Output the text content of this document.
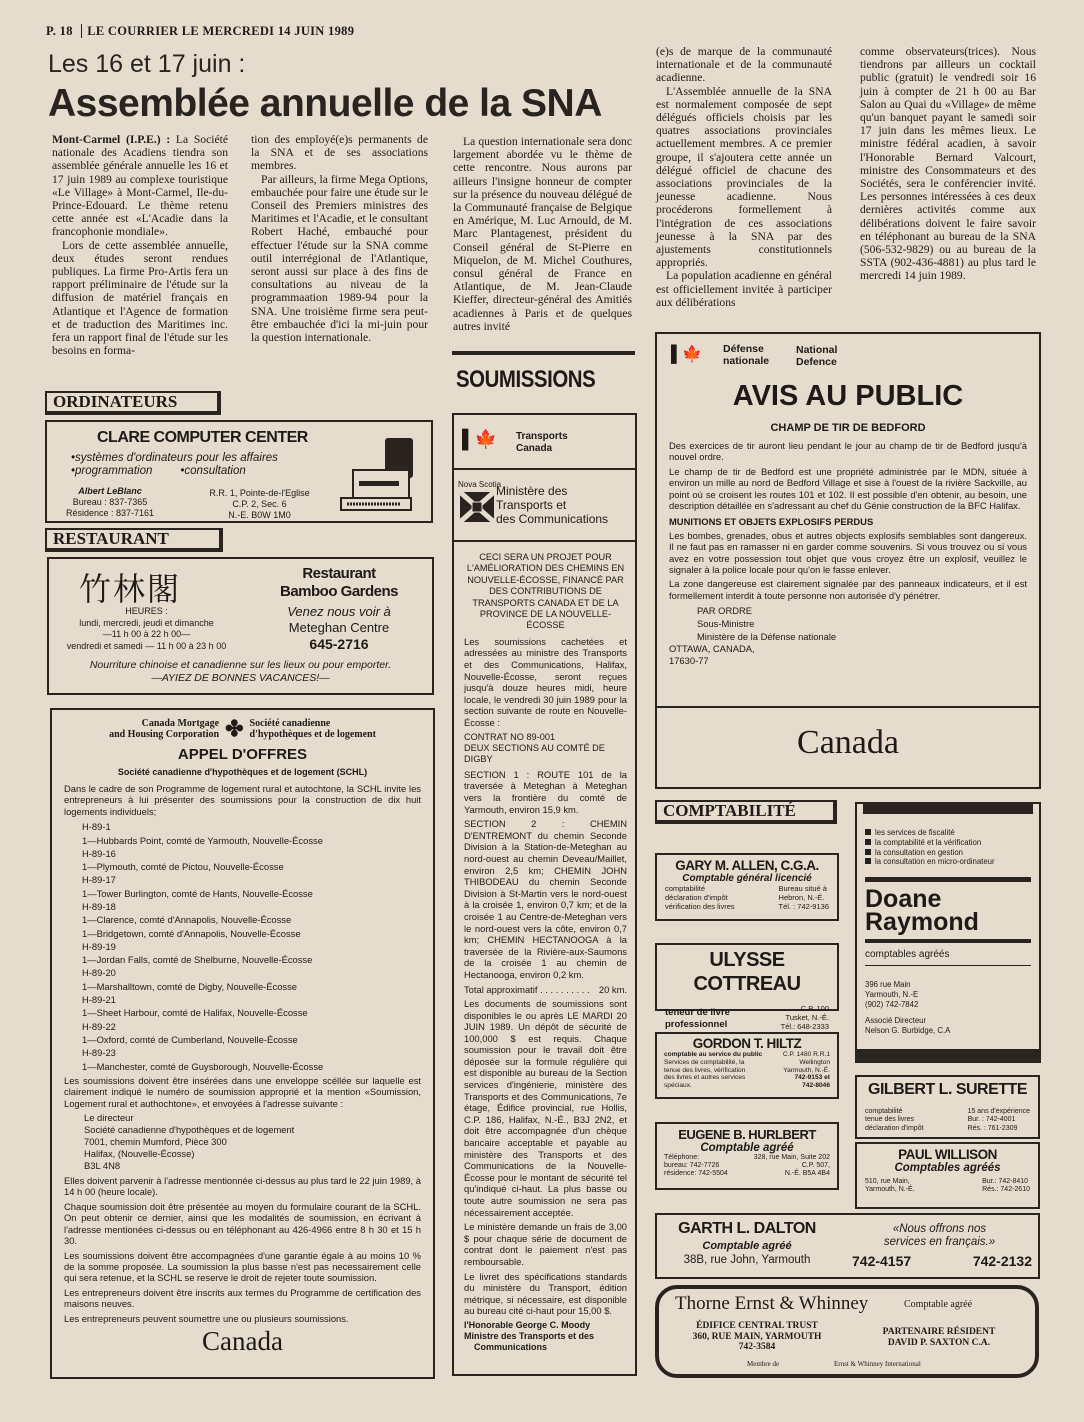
P. 18 LE COURRIER LE MERCREDI 14 JUIN 1989
Les 16 et 17 juin :
Assemblée annuelle de la SNA

Mont-Carmel (I.P.E.) : La Société nationale des Acadiens tiendra son assemblée générale annuelle les 16 et 17 juin 1989 au complexe touristique «Le Village» à Mont-Carmel, Ile-du-Prince-Edouard. Le thème retenu cette année est «L'Acadie dans la francophonie mondiale».

Lors de cette assemblée annuelle, deux études seront rendues publiques. La firme Pro-Artis fera un rapport préliminaire de l'étude sur la diffusion de matériel français en Atlantique et l'Agence de formation et de traduction des Maritimes inc. fera un rapport final de l'étude sur les besoins en forma-

tion des employé(e)s permanents de la SNA et de ses associations membres.

Par ailleurs, la firme Mega Options, embauchée pour faire une étude sur le Conseil des Premiers ministres des Maritimes et l'Acadie, et le consultant Robert Haché, embauché pour effectuer l'étude sur la SNA comme outil interrégional de l'Atlantique, seront aussi sur place à des fins de consultations au niveau de la programmaation 1989-94 pour la SNA. Une troisième firme sera peut-être embauchée d'ici la mi-juin pour la question internationale.

La question internationale sera donc largement abordée vu le thème de cette rencontre. Nous aurons par ailleurs l'insigne honneur de compter sur la présence du nouveau délégué de la Communauté française de Belgique en Amérique, M. Luc Arnould, de M. Marc Plantagenest, président du Conseil général de St-Pierre en Miquelon, de M. Michel Couthures, consul général de France en Atlantique, de M. Jean-Claude Kieffer, directeur-général des Amitiés acadiennes à Paris et de quelques autres invité

(e)s de marque de la communauté internationale et de la communauté acadienne.

L'Assemblée annuelle de la SNA est normalement composée de sept délégués officiels choisis par les quatres associations provinciales actuellement membres. A ce premier groupe, il s'ajoutera cette année un délégué officiel de chacune des associations provinciales de la jeunesse acadienne. Nous procéderons formellement à l'intégration de ces associations jeunesse à la SNA par des ajustements constitutionnels appropriés.

La population acadienne en général est officiellement invitée à participer aux délibérations

comme observateurs(trices). Nous tiendrons par ailleurs un cocktail public (gratuit) le vendredi soir 16 juin à compter de 21 h 00 au Bar Salon au Quai du «Village» de même qu'un banquet payant le samedi soir 17 juin dans les mêmes lieux. Le ministre fédéral acadien, à savoir l'Honorable Bernard Valcourt, ministre des Consommateurs et des Sociétés, sera le conférencier invité. Les personnes intéressées à ces deux dernières activités comme aux délibérations doivent le faire savoir en téléphonant au bureau de la SNA (506-532-9829) ou au bureau de la SSTA (902-436-4881) au plus tard le mercredi 14 juin 1989.

ORDINATEURS
CLARE COMPUTER CENTER
•systèmes d'ordinateurs pour les affaires
•programmation •consultation
Albert LeBlanc
Bureau : 837-7365
Résidence : 837-7161
R.R. 1, Pointe-de-l'Eglise
C.P. 2, Sec. 6
N.-E. B0W 1M0
RESTAURANT
竹林閣
HEURES :
lundi, mercredi, jeudi et dimanche
—11 h 00 à 22 h 00—
vendredi et samedi — 11 h 00 à 23 h 00
Restaurant
Bamboo Gardens
Venez nous voir à
Meteghan Centre
645-2716
Nourriture chinoise et canadienne sur les lieux ou pour emporter.
—AYIEZ DE BONNES VACANCES!—
Canada Mortgage
and Housing Corporation ✤ Société canadienne
d'hypothèques et de logement
APPEL D'OFFRES
Société canadienne d'hypothèques et de logement (SCHL)
Dans le cadre de son Programme de logement rural et autochtone, la SCHL invite les entrepreneurs à lui présenter des soumissions pour la construction de dix huit logements individuels;
H-89-1
1—Hubbards Point, comté de Yarmouth, Nouvelle-Écosse
H-89-16
1—Plymouth, comté de Pictou, Nouvelle-Écosse
H-89-17
1—Tower Burlington, comté de Hants, Nouvelle-Écosse
H-89-18
1—Clarence, comté d'Annapolis, Nouvelle-Écosse
1—Bridgetown, comté d'Annapolis, Nouvelle-Écosse
H-89-19
1—Jordan Falls, comté de Shelburne, Nouvelle-Écosse
H-89-20
1—Marshalltown, comté de Digby, Nouvelle-Écosse
H-89-21
1—Sheet Harbour, comté de Halifax, Nouvelle-Écosse
H-89-22
1—Oxford, comté de Cumberland, Nouvelle-Écosse
H-89-23
1—Manchester, comté de Guysborough, Nouvelle-Écosse
Les soumissions doivent être insérées dans une enveloppe scéllée sur laquelle est clairement indiqué le numéro de soumission approprié et la mention «Soumission, Logement rural et authochtone», et envoyées à l'adresse suivante :
Le directeur
Société canadienne d'hypothèques et de logement
7001, chemin Mumford, Pièce 300
Halifax, (Nouvelle-Écosse)
B3L 4N8
Elles doivent parvenir à l'adresse mentionnée ci-dessus au plus tard le 22 juin 1989, à 14 h 00 (heure locale).
Chaque soumission doit être présentée au moyen du formulaire courant de la SCHL. On peut obtenir ce dernier, ainsi que les modalités de soumission, en écrivant à l'adresse mentionées ci-dessus ou en téléphonant au 426-4966 entre 8 h 30 et 15 h 30.
Les soumissions doivent être accompagnées d'une garantie égale à au moins 10 % de la somme proposée. La soumission la plus basse n'est pas necessairement celle qui sera retenue, et la SCHL se reserve le droit de rejeter toute soumission.
Les entrepreneurs doivent être inscrits aux termes du Programme de certification des maisons neuves.
Les entrepreneurs peuvent soumettre une ou plusieurs soumissions.
Canada
SOUMISSIONS
▌🍁 Transports
Canada
Nova Scotia
Ministère des
Transports et
des Communications
CECI SERA UN PROJET POUR L'AMÉLIORATION DES CHEMINS EN NOUVELLE-ÉCOSSE, FINANCÉ PAR DES CONTRIBUTIONS DE TRANSPORTS CANADA ET DE LA PROVINCE DE LA NOUVELLE-ÉCOSSE
Les soumissions cachetées et adressées au ministre des Transports et des Communications, Halifax, Nouvelle-Écosse, seront reçues jusqu'à douze heures midi, heure locale, le vendredi 30 juin 1989 pour la section suivante de route en Nouvelle-Écosse :
CONTRAT NO 89-001
DEUX SECTIONS AU COMTÉ DE DIGBY
SECTION 1 : ROUTE 101 de la traversée à Meteghan à Meteghan vers la frontière du comté de Yarmouth, environ 15,9 km.
SECTION 2 : CHEMIN D'ENTREMONT du chemin Seconde Division à la Station-de-Meteghan au nord-ouest au chemin Deveau/Maillet, environ 2,5 km; CHEMIN JOHN THIBODEAU du chemin Seconde Division à St-Martin vers le nord-ouest à la croisée 1, environ 0,7 km; et de la croisée 1 au Centre-de-Meteghan vers le nord-ouest vers la côte, environ 0,7 km; CHEMIN HECTANOOGA à la traversée de la Rivière-aux-Saumons de la croisée 1 au chemin de Hectanooga, environ 0,2 km.
Total approximatif . . . . . . . . . . 20 km.
Les documents de soumissions sont disponibles le ou après LE MARDI 20 JUIN 1989. Un dépôt de sécurité de 100,000 $ est requis. Chaque soumission pour le travail doit être déposée sur la formule régulière qui est disponible au bureau de la Section services d'ingénierie, ministère des Transports et des Communications, 7e étage, Édifice provincial, rue Hollis, C.P. 186, Halifax, N.-É., B3J 2N2, et doit être accompagnée d'un chèque bancaire acceptable et payable au ministère des Transports et des Communications de la Nouvelle-Écosse pour le montant de sécurité tel qu'indiqué ci-haut. La plus basse ou toute autre soumission ne sera pas nécessairement acceptée.
Le ministère demande un frais de 3,00 $ pour chaque série de document de contrat dont le paiement n'est pas remboursable.
Le livret des spécifications standards du ministère du Transport, édition métrique, si nécessaire, est disponible au bureau cité ci-haut pour 15,00 $.
l'Honorable George C. Moody
Ministre des Transports et des
Communications
▌🍁 Défense
nationale
National
Defence
AVIS AU PUBLIC
CHAMP DE TIR DE BEDFORD
Des exercices de tir auront lieu pendant le jour au champ de tir de Bedford jusqu'à nouvel ordre.
Le champ de tir de Bedford est une propriété administrée par le MDN, située à environ un mille au nord de Bedford Village et sise à l'ouest de la rivière Sackville, au point où se croisent les routes 101 et 102. Il est possible d'en obtenir, au besoin, une description détaillée en s'adressant au chef du Génie construction de la BFC Halifax.
MUNITIONS ET OBJETS EXPLOSIFS PERDUS
Les bombes, grenades, obus et autres objects explosifs semblables sont dangereux. Il ne faut pas en ramasser ni en garder comme souvenirs. Si vous trouvez ou si vous avez en votre possession tout objet que vous croyez être un explosif, veuillez le signaler à la police locale pour qu'on le fasse enlever.
La zone dangereuse est clairement signalée par des panneaux indicateurs, et il est formellement interdit à toute personne non autorisée d'y pénétrer.
PAR ORDRE
Sous-Ministre
Ministère de la Défense nationale
OTTAWA, CANADA,
17630-77
Canada
COMPTABILITÉ
GARY M. ALLEN, C.G.A.
Comptable général licencié
comptabilité
déclaration d'impôt
vérification des livres
Bureau situé à
Hebron, N.-É.
Tél. : 742-9136
ULYSSE COTTREAU
teneur de livre
professionnel
C.P. 100
Tusket, N.-É.
Tél.: 648-2333
GORDON T. HILTZ
comptable au service du public
Services de comptabilité, la
tenue des livres, vérification
des livres et autres services
spéciaux.
C.P. 1480 R.R.1
Wellington
Yarmouth, N.-É.
742-9153 et
742-8046
EUGENE B. HURLBERT
Comptable agréé
Téléphone:
bureau: 742-7726
résidence: 742-5504
328, rue Main, Suite 202
C.P. 507,
N.-É. B5A 4B4
les services de fiscalité
la comptabilité et la vérification
la consultation en gestion
la consultation en micro-ordinateur
Doane
Raymond
comptables agréés
396 rue Main
Yarmouth, N.-E
(902) 742-7842
Associé Directeur
Nelson G. Burbidge, C.A
GILBERT L. SURETTE
comptabilité
tenue des livres
déclaration d'impôt
15 ans d'expérience
Bur. : 742-4001
Rés. : 761-2309
PAUL WILLISON
Comptables agréés
510, rue Main,
Yarmouth, N.-É.
Bur.: 742-8410
Rés.: 742-2610
GARTH L. DALTON
Comptable agréé
38B, rue John, Yarmouth
«Nous offrons nos
services en français.»
742-4157	742-2132
Thorne Ernst & Whinney	Comptable agréé
ÉDIFICE CENTRAL TRUST
360, RUE MAIN, YARMOUTH
742-3584
PARTENAIRE RÉSIDENT
DAVID P. SAXTON C.A.
Membre de	Ernst & Whinney International
